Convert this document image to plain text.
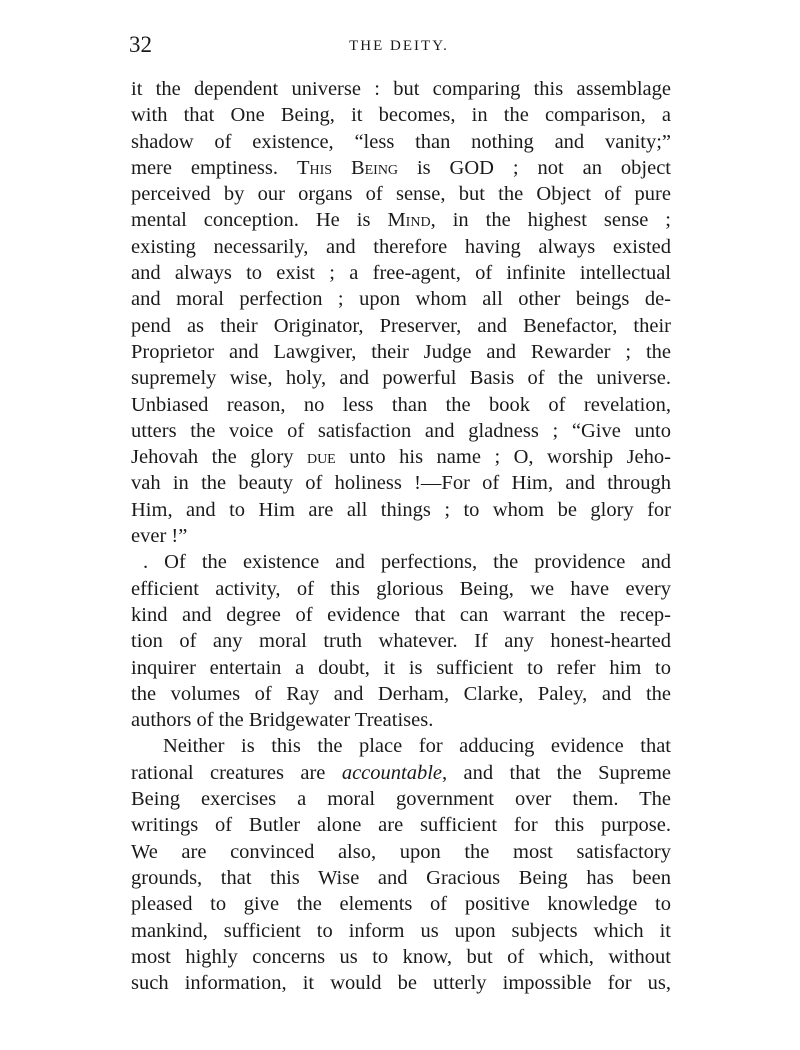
32	THE DEITY.
it the dependent universe : but comparing this assemblage
with that One Being, it becomes, in the comparison, a
shadow of existence, “less than nothing and vanity;”
mere emptiness. This Being is GOD ; not an object
perceived by our organs of sense, but the Object of pure
mental conception. He is Mind, in the highest sense ;
existing necessarily, and therefore having always existed
and always to exist ; a free-agent, of infinite intellectual
and moral perfection ; upon whom all other beings de-
pend as their Originator, Preserver, and Benefactor, their
Proprietor and Lawgiver, their Judge and Rewarder ; the
supremely wise, holy, and powerful Basis of the universe.
Unbiased reason, no less than the book of revelation,
utters the voice of satisfaction and gladness ; “Give unto
Jehovah the glory due unto his name ; O, worship Jeho-
vah in the beauty of holiness !—For of Him, and through
Him, and to Him are all things ; to whom be glory for
ever !”
. Of the existence and perfections, the providence and
efficient activity, of this glorious Being, we have every
kind and degree of evidence that can warrant the recep-
tion of any moral truth whatever. If any honest-hearted
inquirer entertain a doubt, it is sufficient to refer him to
the volumes of Ray and Derham, Clarke, Paley, and the
authors of the Bridgewater Treatises.
Neither is this the place for adducing evidence that
rational creatures are accountable, and that the Supreme
Being exercises a moral government over them. The
writings of Butler alone are sufficient for this purpose.
We are convinced also, upon the most satisfactory
grounds, that this Wise and Gracious Being has been
pleased to give the elements of positive knowledge to
mankind, sufficient to inform us upon subjects which it
most highly concerns us to know, but of which, without
such information, it would be utterly impossible for us,
